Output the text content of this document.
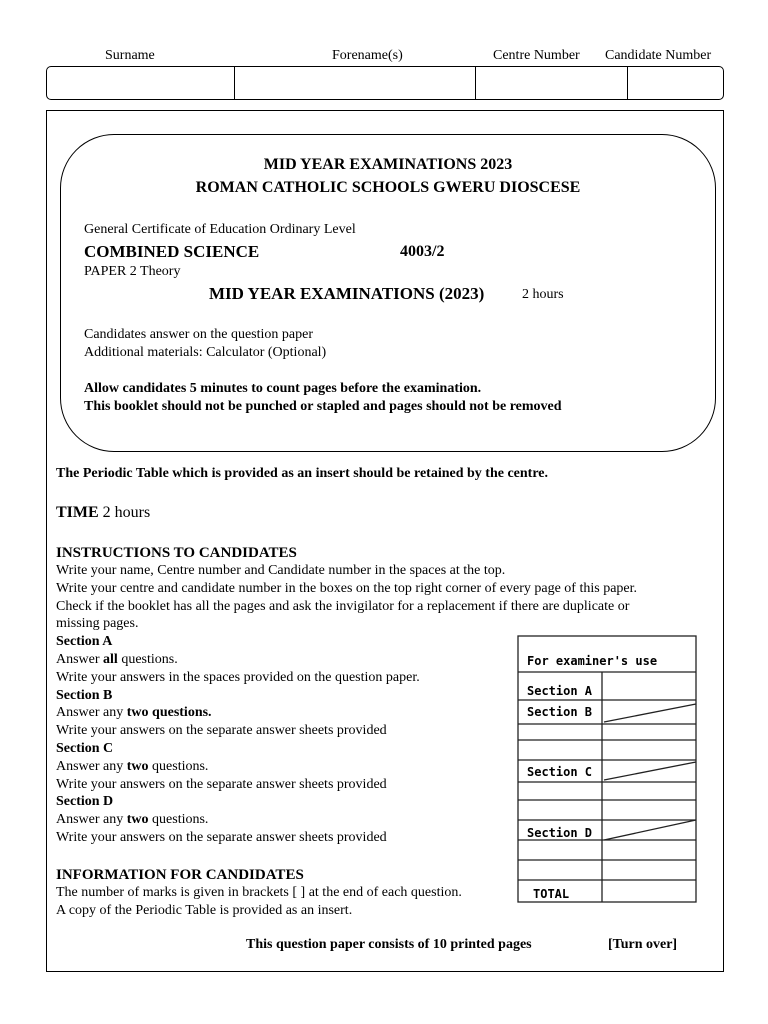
Surname	Forename(s)	Centre Number Candidate Number
MID YEAR EXAMINATIONS 2023
ROMAN CATHOLIC SCHOOLS GWERU DIOSCESE
General Certificate of Education Ordinary Level
COMBINED SCIENCE	4003/2
PAPER 2 Theory
MID YEAR EXAMINATIONS (2023)	2 hours
Candidates answer on the question paper
Additional materials: Calculator (Optional)
Allow candidates 5 minutes to count pages before the examination.
This booklet should not be punched or stapled and pages should not be removed
The Periodic Table which is provided as an insert should be retained by the centre.
TIME 2 hours
INSTRUCTIONS TO CANDIDATES
Write your name, Centre number and Candidate number in the spaces at the top.
Write your centre and candidate number in the boxes on the top right corner of every page of this paper.
Check if the booklet has all the pages and ask the invigilator for a replacement if there are duplicate or
missing pages.
Section A
Answer all questions.
Write your answers in the spaces provided on the question paper.
Section B
Answer any two questions.
Write your answers on the separate answer sheets provided
Section C
Answer any two questions.
Write your answers on the separate answer sheets provided
Section D
Answer any two questions.
Write your answers on the separate answer sheets provided
INFORMATION FOR CANDIDATES
The number of marks is given in brackets [ ] at the end of each question.
A copy of the Periodic Table is provided as an insert.
For examiner's use
Section A
Section B
Section C
Section D
TOTAL
This question paper consists of 10 printed pages	[Turn over]
